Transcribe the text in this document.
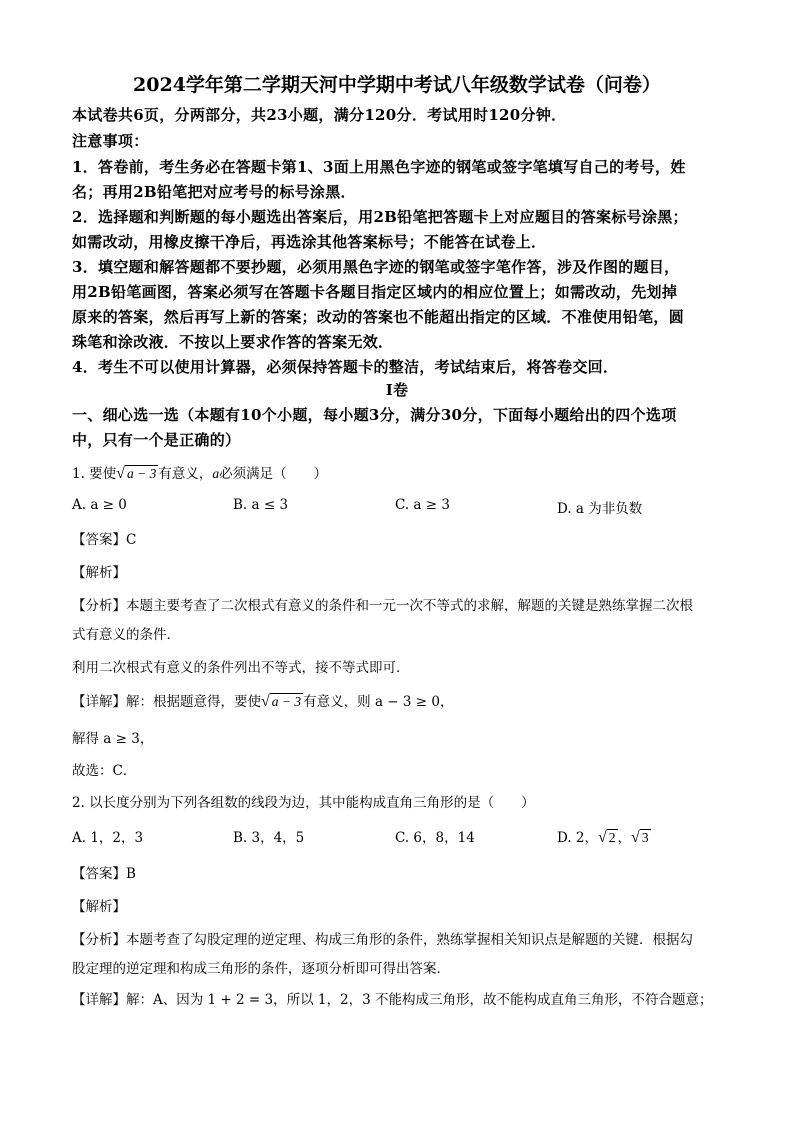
2024学年第二学期天河中学期中考试八年级数学试卷（问卷）
本试卷共6页，分两部分，共23小题，满分120分．考试用时120分钟．
注意事项：
1．答卷前，考生务必在答题卡第1、3面上用黑色字迹的钢笔或签字笔填写自己的考号，姓
名；再用2B铅笔把对应考号的标号涂黑．
2．选择题和判断题的每小题选出答案后，用2B铅笔把答题卡上对应题目的答案标号涂黑；
如需改动，用橡皮擦干净后，再选涂其他答案标号；不能答在试卷上．
3．填空题和解答题都不要抄题，必须用黑色字迹的钢笔或签字笔作答，涉及作图的题目，
用2B铅笔画图，答案必须写在答题卡各题目指定区域内的相应位置上；如需改动，先划掉
原来的答案，然后再写上新的答案；改动的答案也不能超出指定的区域．不准使用铅笔，圆
珠笔和涂改液．不按以上要求作答的答案无效．
4．考生不可以使用计算器，必须保持答题卡的整洁，考试结束后，将答卷交回．
Ⅰ卷
一、细心选一选（本题有10个小题，每小题3分，满分30分，下面每小题给出的四个选项
中，只有一个是正确的）
1. 要使√ a − 3 有意义，a必须满足（　　）
A. a ≥ 0	B. a ≤ 3	C. a ≥ 3	D. a 为非负数
【答案】C
【解析】
【分析】本题主要考查了二次根式有意义的条件和一元一次不等式的求解，解题的关键是熟练掌握二次根
式有意义的条件．
利用二次根式有意义的条件列出不等式，接不等式即可．
【详解】解：根据题意得，要使√ a − 3 有意义，则 a − 3 ≥ 0，
解得 a ≥ 3，
故选：C．
2. 以长度分别为下列各组数的线段为边，其中能构成直角三角形的是（　　）
A. 1，2，3	B. 3，4，5	C. 6，8，14	D. 2，√ 2 ，√ 3
【答案】B
【解析】
【分析】本题考查了勾股定理的逆定理、构成三角形的条件，熟练掌握相关知识点是解题的关键．根据勾
股定理的逆定理和构成三角形的条件，逐项分析即可得出答案．
【详解】解：A、因为 1 + 2 = 3，所以 1，2，3 不能构成三角形，故不能构成直角三角形，不符合题意；
